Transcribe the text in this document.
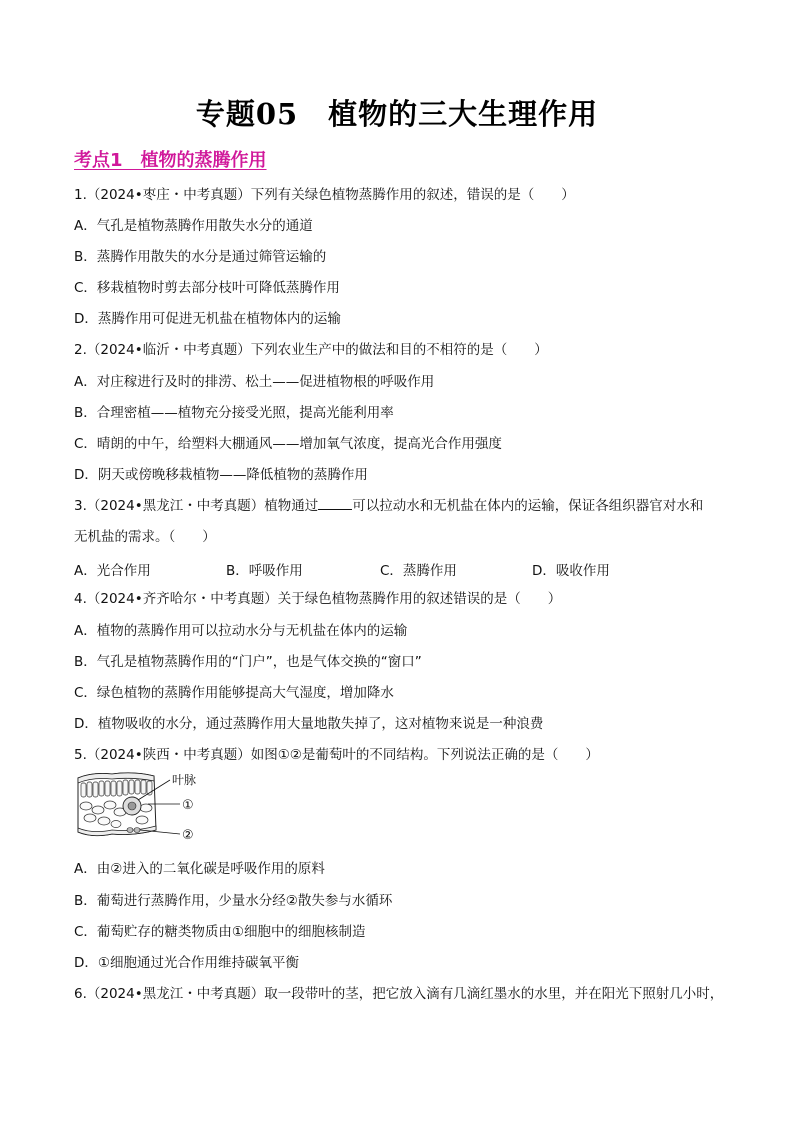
专题05　植物的三大生理作用
考点1　植物的蒸腾作用
1.（2024•枣庄・中考真题）下列有关绿色植物蒸腾作用的叙述，错误的是（　　）
A．气孔是植物蒸腾作用散失水分的通道
B．蒸腾作用散失的水分是通过筛管运输的
C．移栽植物时剪去部分枝叶可降低蒸腾作用
D．蒸腾作用可促进无机盐在植物体内的运输
2.（2024•临沂・中考真题）下列农业生产中的做法和目的不相符的是（　　）
A．对庄稼进行及时的排涝、松土——促进植物根的呼吸作用
B．合理密植——植物充分接受光照，提高光能利用率
C．晴朗的中午，给塑料大棚通风——增加氧气浓度，提高光合作用强度
D．阴天或傍晚移栽植物——降低植物的蒸腾作用
3.（2024•黑龙江・中考真题）植物通过	可以拉动水和无机盐在体内的运输，保证各组织器官对水和
无机盐的需求。（　　）
A．光合作用	B．呼吸作用	C．蒸腾作用	D．吸收作用
4.（2024•齐齐哈尔・中考真题）关于绿色植物蒸腾作用的叙述错误的是（　　）
A．植物的蒸腾作用可以拉动水分与无机盐在体内的运输
B．气孔是植物蒸腾作用的“门户”，也是气体交换的“窗口”
C．绿色植物的蒸腾作用能够提高大气湿度，增加降水
D．植物吸收的水分，通过蒸腾作用大量地散失掉了，这对植物来说是一种浪费
5.（2024•陕西・中考真题）如图①②是葡萄叶的不同结构。下列说法正确的是（　　）
叶脉
①
②
A．由②进入的二氧化碳是呼吸作用的原料
B．葡萄进行蒸腾作用，少量水分经②散失参与水循环
C．葡萄贮存的糖类物质由①细胞中的细胞核制造
D．①细胞通过光合作用维持碳氧平衡
6.（2024•黑龙江・中考真题）取一段带叶的茎，把它放入滴有几滴红墨水的水里，并在阳光下照射几小时，
